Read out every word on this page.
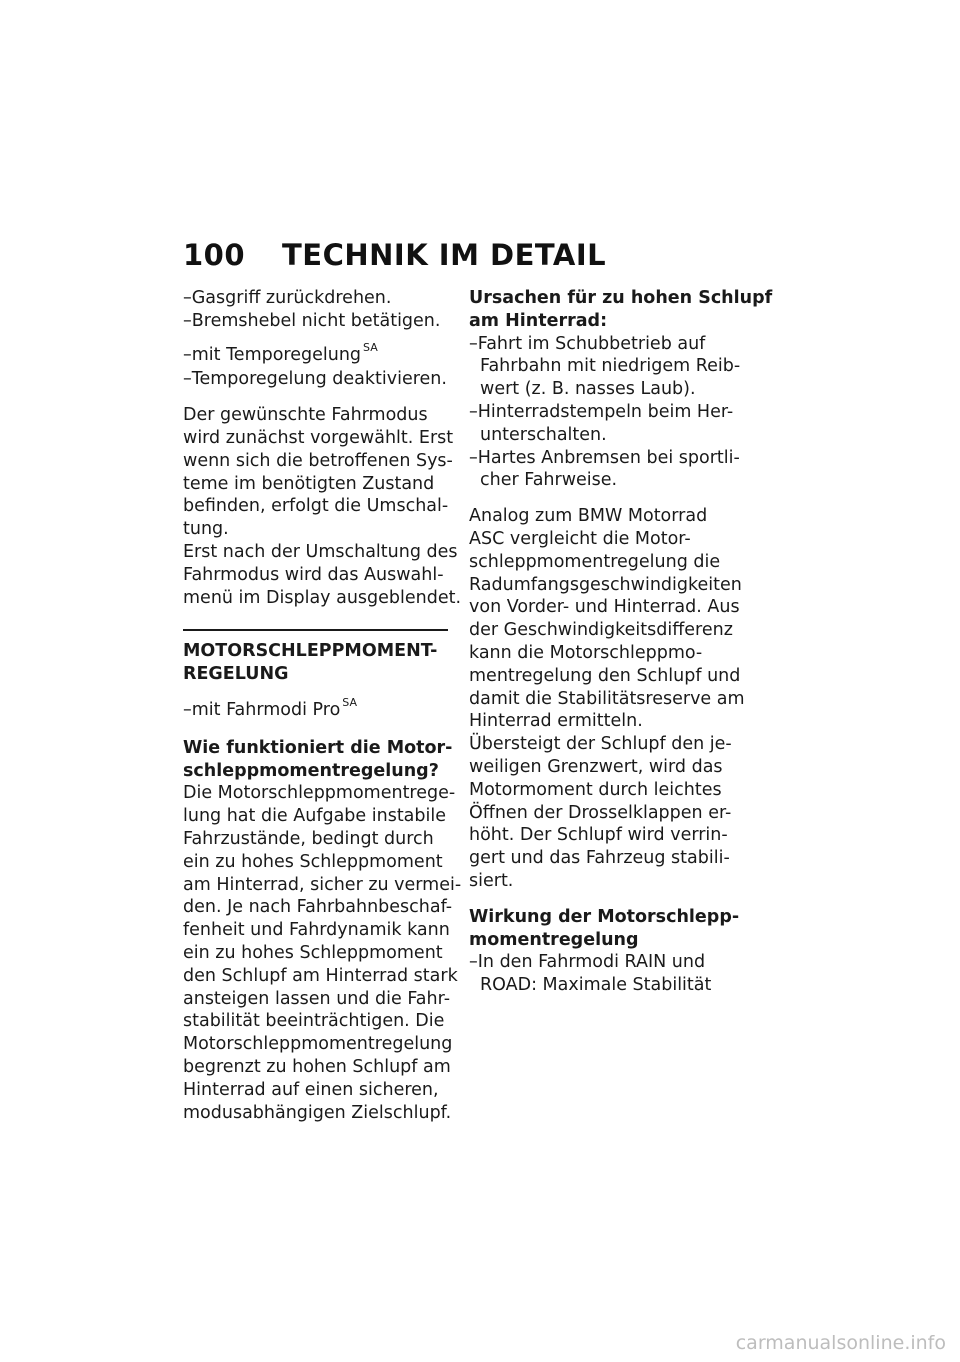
100 TECHNIK IM DETAIL

–Gasgriff zurückdrehen.

–Bremshebel nicht betätigen.

–mit Temporegelung $^{SA}$

–Temporegelung deaktivieren.

Der gewünschte Fahrmodus
wird zunächst vorgewählt. Erst
wenn sich die betroffenen Sys-
teme im benötigten Zustand
befinden, erfolgt die Umschal-
tung.

Erst nach der Umschaltung des
Fahrmodus wird das Auswahl-
menü im Display ausgeblendet.

MOTORSCHLEPPMOMENT-
REGELUNG

–mit Fahrmodi Pro $^{SA}$

Wie funktioniert die Motor-
schleppmomentregelung?

Die Motorschleppmomentrege-
lung hat die Aufgabe instabile
Fahrzustände, bedingt durch
ein zu hohes Schleppmoment
am Hinterrad, sicher zu vermei-
den. Je nach Fahrbahnbeschaf-
fenheit und Fahrdynamik kann
ein zu hohes Schleppmoment
den Schlupf am Hinterrad stark
ansteigen lassen und die Fahr-
stabilität beeinträchtigen. Die
Motorschleppmomentregelung
begrenzt zu hohen Schlupf am
Hinterrad auf einen sicheren,
modusabhängigen Zielschlupf.

Ursachen für zu hohen Schlupf
am Hinterrad:

–Fahrt im Schubbetrieb auf
Fahrbahn mit niedrigem Reib-
wert (z. B. nasses Laub).

–Hinterradstempeln beim Her-
unterschalten.

–Hartes Anbremsen bei sportli-
cher Fahrweise.

Analog zum BMW Motorrad
ASC vergleicht die Motor-
schleppmomentregelung die
Radumfangsgeschwindigkeiten
von Vorder- und Hinterrad. Aus
der Geschwindigkeitsdifferenz
kann die Motorschleppmo-
mentregelung den Schlupf und
damit die Stabilitätsreserve am
Hinterrad ermitteln.

Übersteigt der Schlupf den je-
weiligen Grenzwert, wird das
Motormoment durch leichtes
Öffnen der Drosselklappen er-
höht. Der Schlupf wird verrin-
gert und das Fahrzeug stabili-
siert.

Wirkung der Motorschlepp-
momentregelung

–In den Fahrmodi RAIN und
ROAD: Maximale Stabilität

carmanualsonline.info
